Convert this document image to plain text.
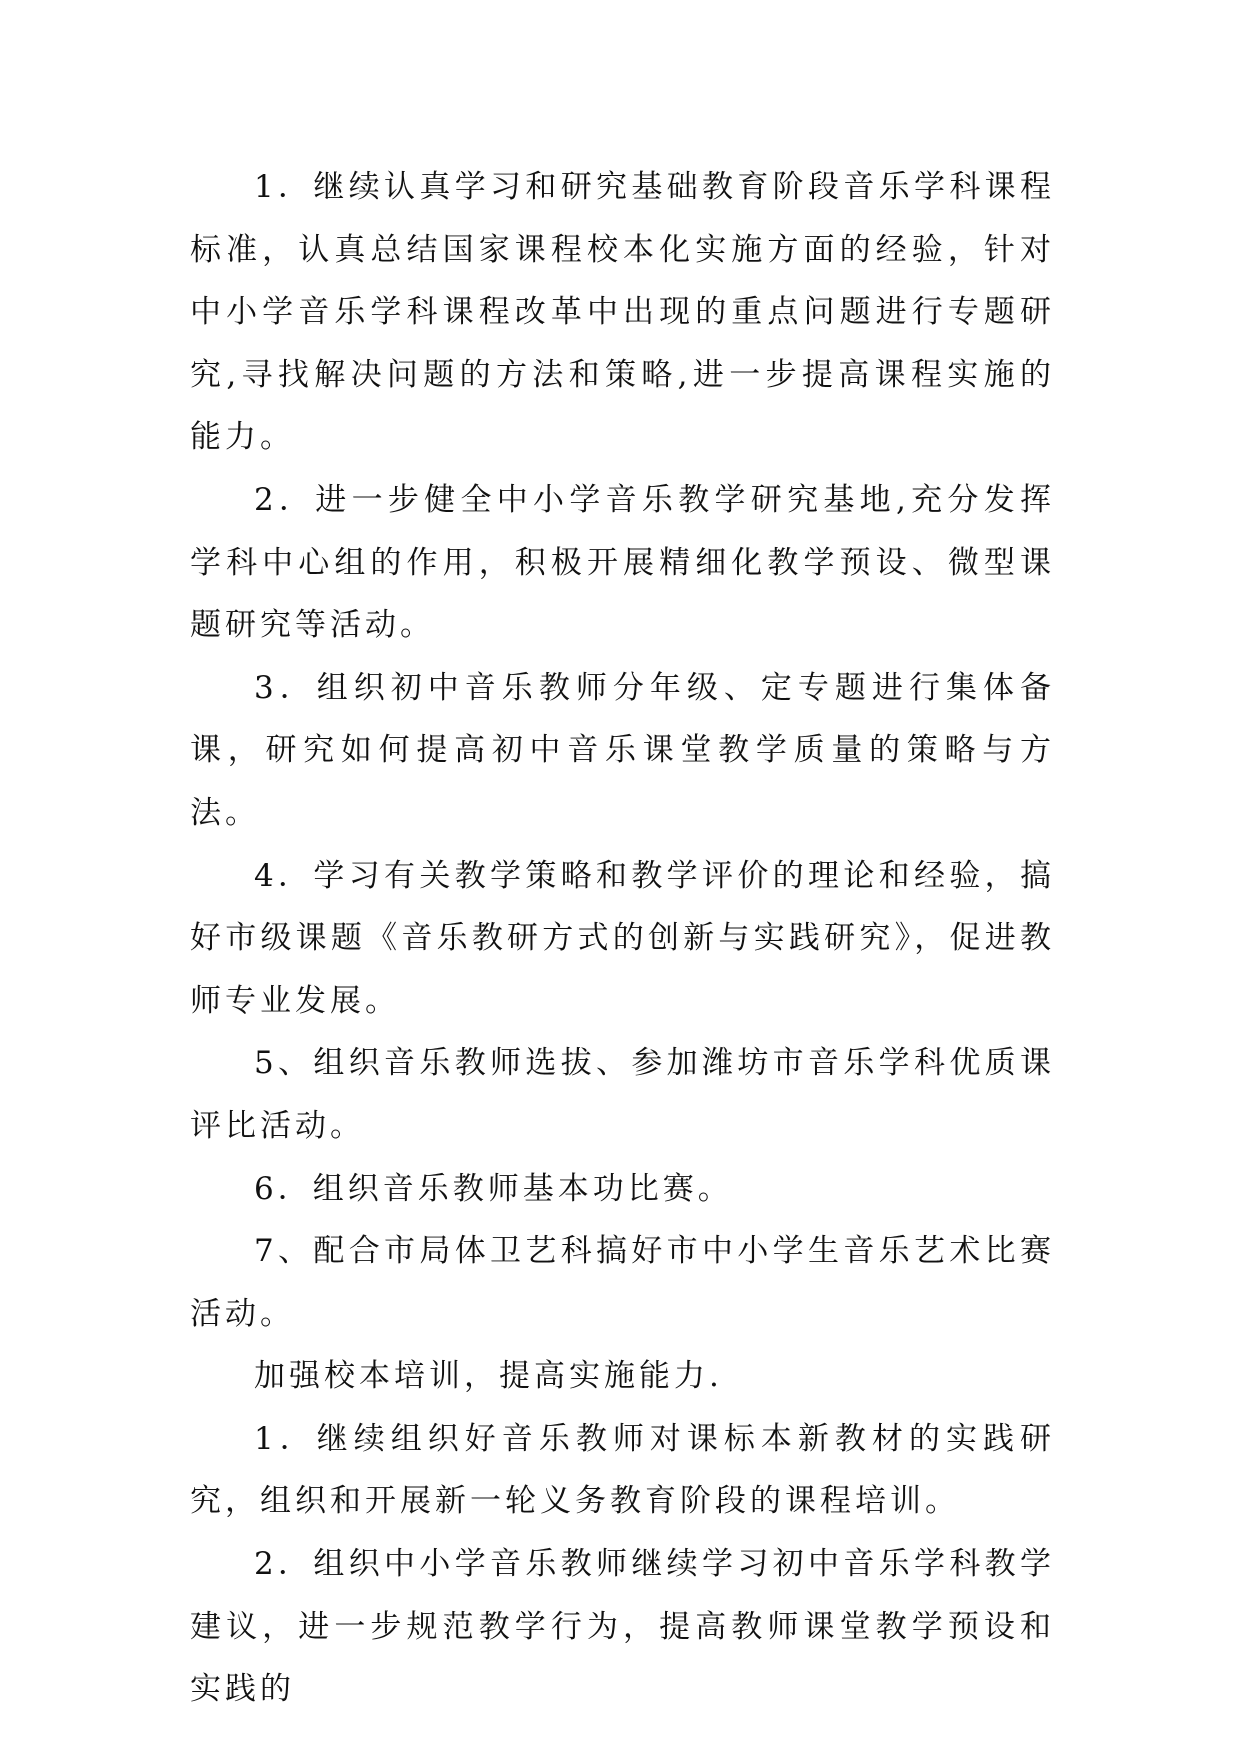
1．继续认真学习和研究基础教育阶段音乐学科课程标准，认真总结国家课程校本化实施方面的经验，针对中小学音乐学科课程改革中出现的重点问题进行专题研究,寻找解决问题的方法和策略,进一步提高课程实施的能力。

2．进一步健全中小学音乐教学研究基地,充分发挥学科中心组的作用，积极开展精细化教学预设、微型课题研究等活动。

3．组织初中音乐教师分年级、定专题进行集体备课，研究如何提高初中音乐课堂教学质量的策略与方法。

4．学习有关教学策略和教学评价的理论和经验，搞好市级课题《音乐教研方式的创新与实践研究》，促进教师专业发展。

5、组织音乐教师选拔、参加潍坊市音乐学科优质课评比活动。

6．组织音乐教师基本功比赛。

7、配合市局体卫艺科搞好市中小学生音乐艺术比赛活动。

加强校本培训，提高实施能力.

1．继续组织好音乐教师对课标本新教材的实践研究，组织和开展新一轮义务教育阶段的课程培训。

2．组织中小学音乐教师继续学习初中音乐学科教学建议，进一步规范教学行为，提高教师课堂教学预设和实践的
